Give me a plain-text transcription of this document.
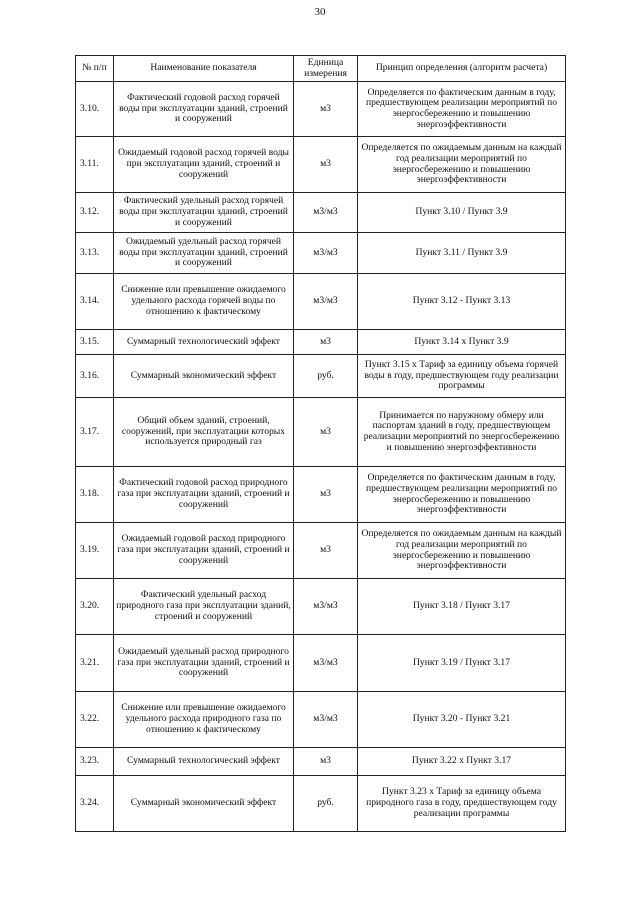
30
№ п/п	Наименование показателя	Единица измерения	Принцип определения (алгоритм расчета)
3.10.	Фактический годовой расход горячей воды при эксплуатации зданий, строений и сооружений	м3	Определяется по фактическим данным в году, предшествующем реализации мероприятий по энергосбережению и повышению энергоэффективности
3.11.	Ожидаемый годовой расход горячей воды при эксплуатации зданий, строений и сооружений	м3	Определяется по ожидаемым данным на каждый год реализации мероприятий по энергосбережению и повышению энергоэффективности
3.12.	Фактический удельный расход горячей воды при эксплуатации зданий, строений и сооружений	м3/м3	Пункт 3.10 / Пункт 3.9
3.13.	Ожидаемый удельный расход горячей воды при эксплуатации зданий, строений и сооружений	м3/м3	Пункт 3.11 / Пункт 3.9
3.14.	Снижение или превышение ожидаемого удельного расхода горячей воды по отношению к фактическому	м3/м3	Пункт 3.12 - Пункт 3.13
3.15.	Суммарный технологический эффект	м3	Пункт 3.14 x Пункт 3.9
3.16.	Суммарный экономический эффект	руб.	Пункт 3.15 x Тариф за единицу объема горячей воды в году, предшествующем году реализации программы
3.17.	Общий объем зданий, строений, сооружений, при эксплуатации которых используется природный газ	м3	Принимается по наружному обмеру или паспортам зданий в году, предшествующем реализации мероприятий по энергосбережению и повышению энергоэффективности
3.18.	Фактический годовой расход природного газа при эксплуатации зданий, строений и сооружений	м3	Определяется по фактическим данным в году, предшествующем реализации мероприятий по энергосбережению и повышению энергоэффективности
3.19.	Ожидаемый годовой расход природного газа при эксплуатации зданий, строений и сооружений	м3	Определяется по ожидаемым данным на каждый год реализации мероприятий по энергосбережению и повышению энергоэффективности
3.20.	Фактический удельный расход природного газа при эксплуатации зданий, строений и сооружений	м3/м3	Пункт 3.18 / Пункт 3.17
3.21.	Ожидаемый удельный расход природного газа при эксплуатации зданий, строений и сооружений	м3/м3	Пункт 3.19 / Пункт 3.17
3.22.	Снижение или превышение ожидаемого удельного расхода природного газа по отношению к фактическому	м3/м3	Пункт 3.20 - Пункт 3.21
3.23.	Суммарный технологический эффект	м3	Пункт 3.22 x Пункт 3.17
3.24.	Суммарный экономический эффект	руб.	Пункт 3.23 x Тариф за единицу объема природного газа в году, предшествующем году реализации программы
